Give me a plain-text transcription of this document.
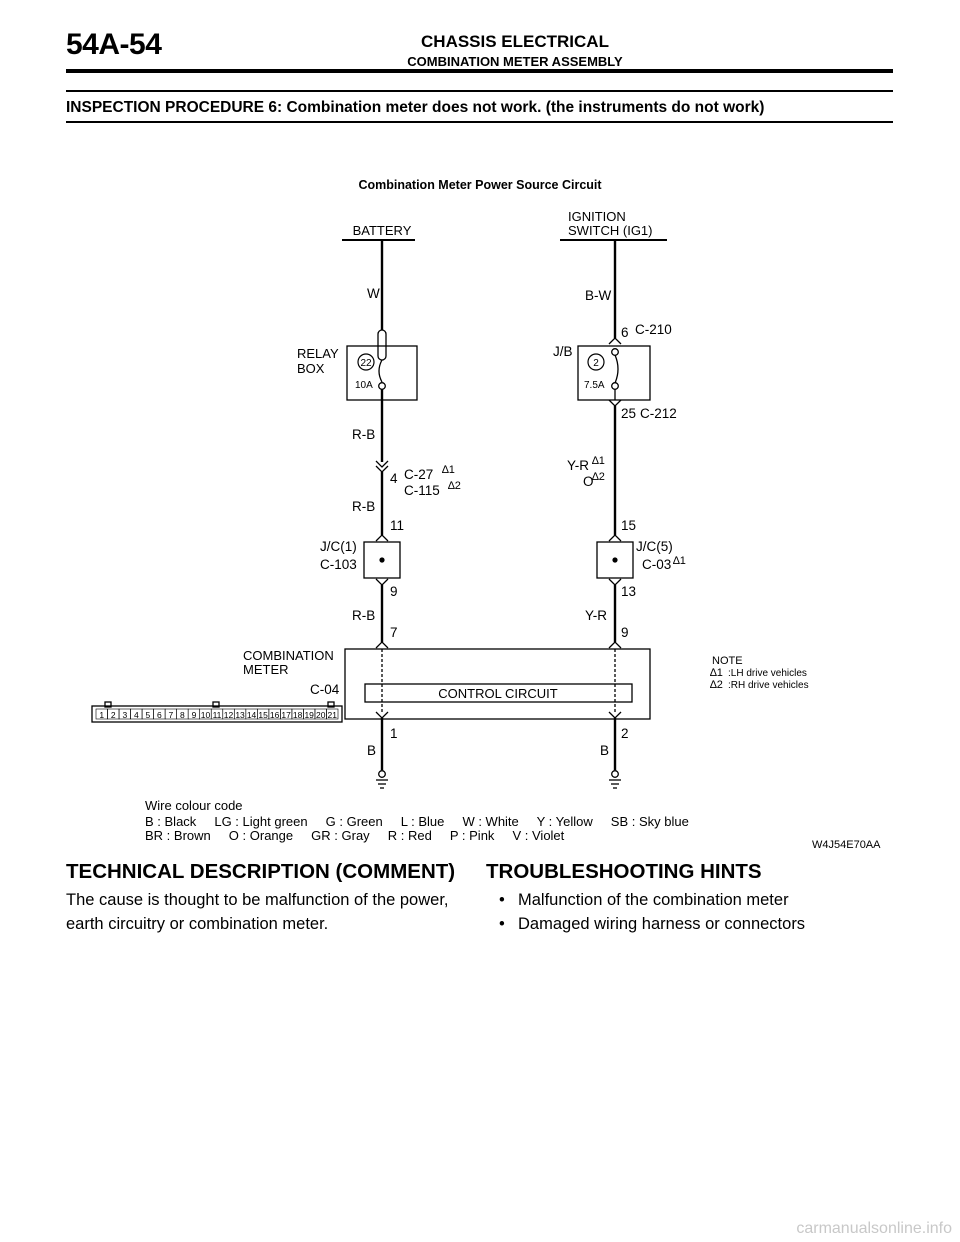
54A-54	CHASSIS ELECTRICAL
COMBINATION METER ASSEMBLY
INSPECTION PROCEDURE 6: Combination meter does not work. (the instruments do not work)
1 2 3 4 5 6 7 8 9 10 11 12 13 14 15 16 17 18 19 20 21
Combination Meter Power Source Circuit
BATTERY
IGNITION
SWITCH (IG1)
RELAY
BOX
COMBINATION
METER
CONTROL CIRCUIT
NOTE
∆1 :LH drive vehicles
∆2 :RH drive vehicles
Wire colour code
B : Black     LG : Light green     G : Green     L : Blue     W : White     Y : Yellow     SB : Sky blue
BR : Brown     O : Orange     GR : Gray     R : Red     P : Pink     V : Violet
W
22
10A
R-B
4 C-27 ∆1
C-115 ∆2
R-B
11
J/C(1)
C-103
9
R-B
7
C-04
1
B
B-W
6 C-210
J/B
2
7.5A
25 C-212
Y-R ∆1
O
∆2
15
J/C(5)
C-03 ∆1
13
Y-R
9
2
B
W4J54E70AA
TECHNICAL DESCRIPTION (COMMENT)
The cause is thought to be malfunction of the power, earth circuitry or combination meter.
TROUBLESHOOTING HINTS
• Malfunction of the combination meter
• Damaged wiring harness or connectors
carmanualsonline.info
